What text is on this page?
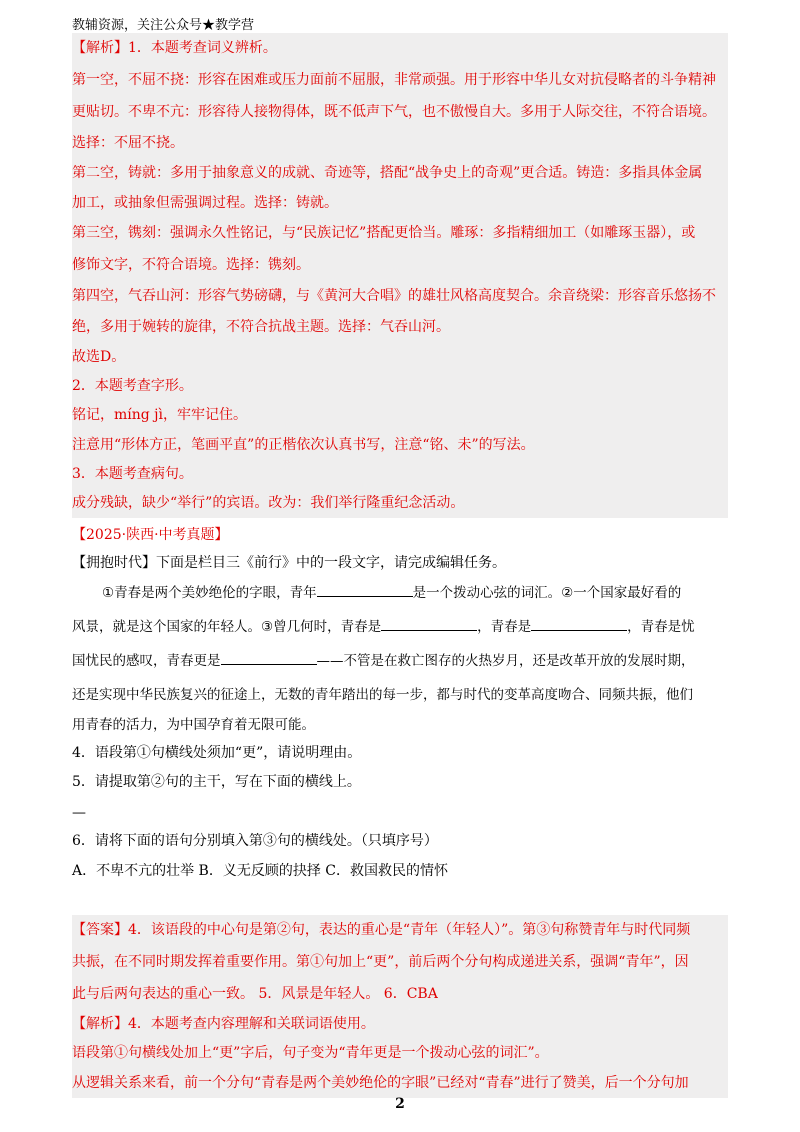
教辅资源，关注公众号★教学营
【解析】1．本题考查词义辨析。
第一空，不屈不挠：形容在困难或压力面前不屈服，非常顽强。用于形容中华儿女对抗侵略者的斗争精神
更贴切。不卑不亢：形容待人接物得体，既不低声下气，也不傲慢自大。多用于人际交往，不符合语境。
选择：不屈不挠。
第二空，铸就：多用于抽象意义的成就、奇迹等，搭配“战争史上的奇观”更合适。铸造：多指具体金属
加工，或抽象但需强调过程。选择：铸就。
第三空，镌刻：强调永久性铭记，与“民族记忆”搭配更恰当。雕琢：多指精细加工（如雕琢玉器），或
修饰文字，不符合语境。选择：镌刻。
第四空，气吞山河：形容气势磅礴，与《黄河大合唱》的雄壮风格高度契合。余音绕梁：形容音乐悠扬不
绝，多用于婉转的旋律，不符合抗战主题。选择：气吞山河。
故选D。
2．本题考查字形。
铭记，míng jì，牢牢记住。
注意用“形体方正，笔画平直”的正楷依次认真书写，注意“铭、未”的写法。
3．本题考查病句。
成分残缺，缺少“举行”的宾语。改为：我们举行隆重纪念活动。
【2025·陕西·中考真题】
【拥抱时代】下面是栏目三《前行》中的一段文字，请完成编辑任务。
①青春是两个美妙绝伦的字眼，青年	是一个拨动心弦的词汇。②一个国家最好看的
风景，就是这个国家的年轻人。③曾几何时，青春是	，青春是	，青春是忧
国忧民的感叹，青春更是	——不管是在救亡图存的火热岁月，还是改革开放的发展时期，
还是实现中华民族复兴的征途上，无数的青年踏出的每一步，都与时代的变革高度吻合、同频共振，他们
用青春的活力，为中国孕育着无限可能。
4．语段第①句横线处须加“更”，请说明理由。
5．请提取第②句的主干，写在下面的横线上。
—
6．请将下面的语句分别填入第③句的横线处。（只填序号）
A．不卑不亢的壮举 B．义无反顾的抉择 C．救国救民的情怀
【答案】4．该语段的中心句是第②句，表达的重心是“青年（年轻人）”。第③句称赞青年与时代同频
共振，在不同时期发挥着重要作用。第①句加上“更”，前后两个分句构成递进关系，强调“青年”，因
此与后两句表达的重心一致。 5．风景是年轻人。 6．CBA
【解析】4．本题考查内容理解和关联词语使用。
语段第①句横线处加上“更”字后，句子变为“青年更是一个拨动心弦的词汇”。
从逻辑关系来看，前一个分句“青春是两个美妙绝伦的字眼”已经对“青春”进行了赞美，后一个分句加
2
